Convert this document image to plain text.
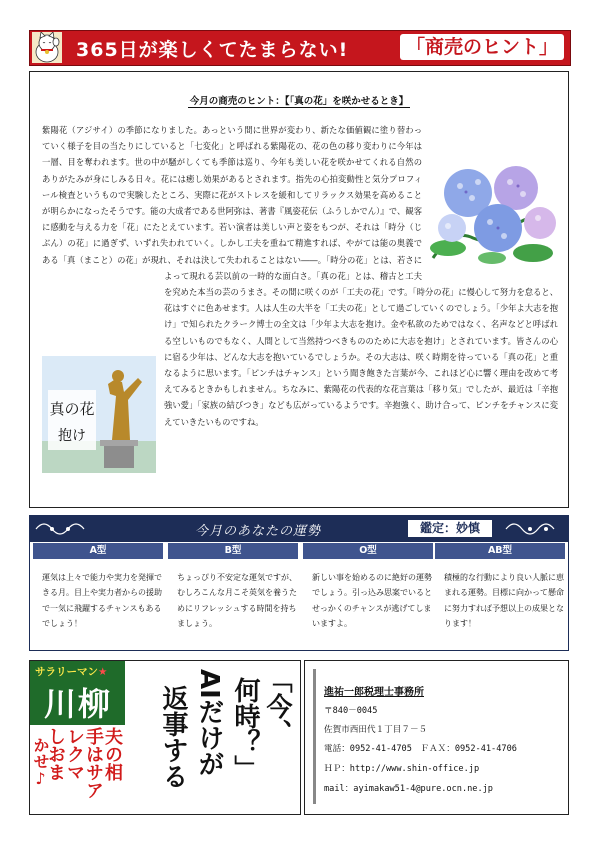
365日が楽しくてたまらない!	「商売のヒント」
今月の商売のヒント：【「真の花」を咲かせるとき】
真の花
抱け
紫陽花（アジサイ）の季節になりました。あっという間に世界が変わり、新たな価値観に塗り替わっていく様子を目の当たりにしていると「七変化」と呼ばれる紫陽花の、花の色の移り変わりに今年は一層、目を奪われます。世の中が騒がしくても季節は巡り、今年も美しい花を咲かせてくれる自然のありがたみが身にしみる日々。花には癒し効果があるとされます。指先の心拍変動性と気分プロフィール検査というもので実験したところ、実際に花がストレスを緩和してリラックス効果を高めることが明らかになったそうです。能の大成者である世阿弥は、著書『風姿花伝（ふうしかでん）』で、観客に感動を与える力を「花」にたとえています。若い演者は美しい声と姿をもつが、それは「時分（じぶん）の花」に過ぎず、いずれ失われていく。しかし工夫を重ねて精進すれば、やがては能の奥義である「真（まこと）の花」が現れ、それは決して失われることはない――。「時分の花」とは、若さによって現れる芸以前の一時的な面白さ。「真の花」とは、稽古と工夫を究めた本当の芸のうまさ。その間に咲くのが「工夫の花」です。「時分の花」に慢心して努力を怠ると、花はすぐに色あせます。人は人生の大半を「工夫の花」として過ごしていくのでしょう。「少年よ大志を抱け」で知られたクラーク博士の全文は「少年よ大志を抱け。金や私欲のためではなく、名声などと呼ばれる空しいものでもなく、人間として当然持つべきもののために大志を抱け」とされています。皆さんの心に宿る少年は、どんな大志を抱いているでしょうか。その大志は、咲く時期を待っている「真の花」と重なるように思います。「ピンチはチャンス」という聞き飽きた言葉が今、これほど心に響く理由を改めて考えてみるときかもしれません。ちなみに、紫陽花の代表的な花言葉は「移り気」でしたが、最近は「辛抱強い愛」「家族の結びつき」なども広がっているようです。辛抱強く、助け合って、ピンチをチャンスに変えていきたいものですね。
今月のあなたの運勢	鑑定：妙慎
A型	B型	O型	AB型
運気は上々で能力や実力を発揮できる月。目上や実力者からの援助で一気に飛躍するチャンスもあるでしょう！
ちょっぴり不安定な運気ですが、むしろこんな月こそ英気を養うためにリフレッシュする時間を持ちましょう。
新しい事を始めるのに絶好の運勢でしょう。引っ込み思案でいるとせっかくのチャンスが逃げてしまいますよ。
積極的な行動により良い人脈に恵まれる運勢。目標に向かって懸命に努力すれば予想以上の成果となります！
サラリーマン★
川柳
夫の相
手はサア
レクマ
しおま
かせ♪
「今、
何時？」
AIだけが
返事する	進祐一郎税理士事務所
〒840－0045
佐賀市西田代１丁目７－５
電話：0952-41-4705　ＦＡＸ：0952-41-4706
ＨＰ：http://www.shin-office.jp
mail：ayimakaw51-4@pure.ocn.ne.jp
